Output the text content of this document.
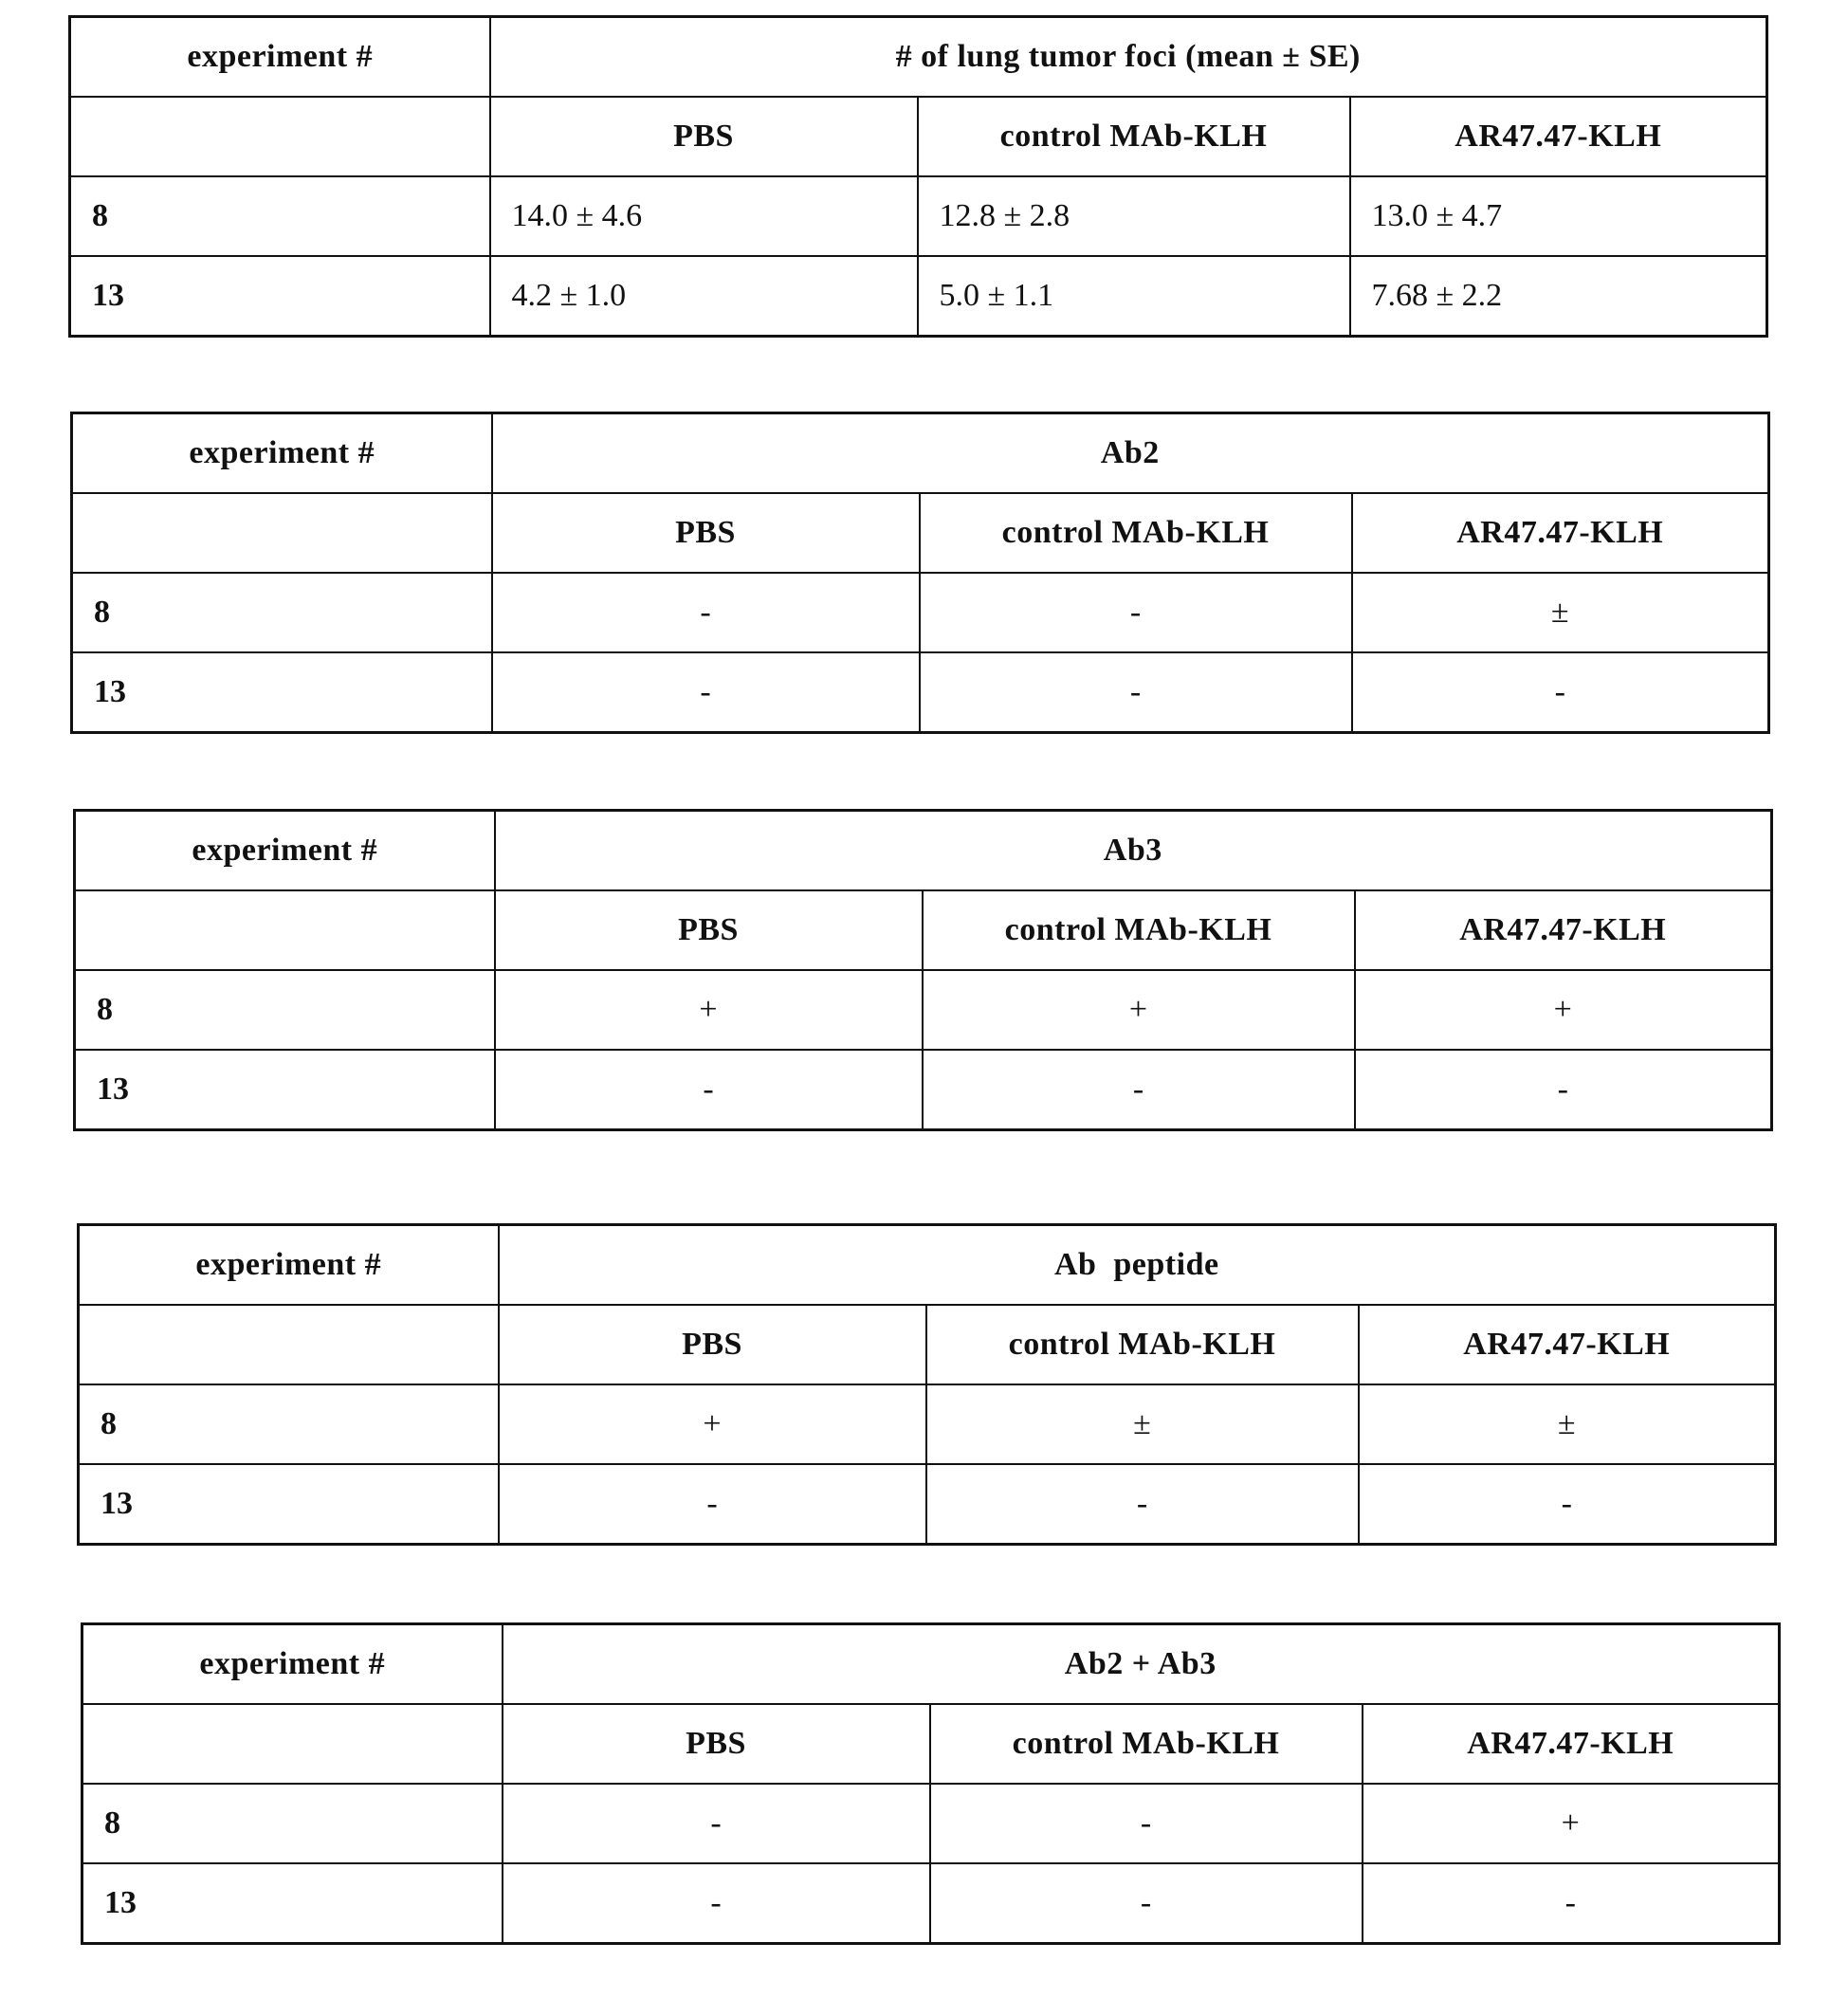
experiment #	# of lung tumor foci (mean ± SE)
	PBS	control MAb-KLH	AR47.47-KLH
8	14.0 ± 4.6	12.8 ± 2.8	13.0 ± 4.7
13	4.2 ± 1.0	5.0 ± 1.1	7.68 ± 2.2
experiment #	Ab2
	PBS	control MAb-KLH	AR47.47-KLH
8	-	-	±
13	-	-	-
experiment #	Ab3
	PBS	control MAb-KLH	AR47.47-KLH
8	+	+	+
13	-	-	-
experiment #	Ab  peptide
	PBS	control MAb-KLH	AR47.47-KLH
8	+	±	±
13	-	-	-
experiment #	Ab2 + Ab3
	PBS	control MAb-KLH	AR47.47-KLH
8	-	-	+
13	-	-	-
